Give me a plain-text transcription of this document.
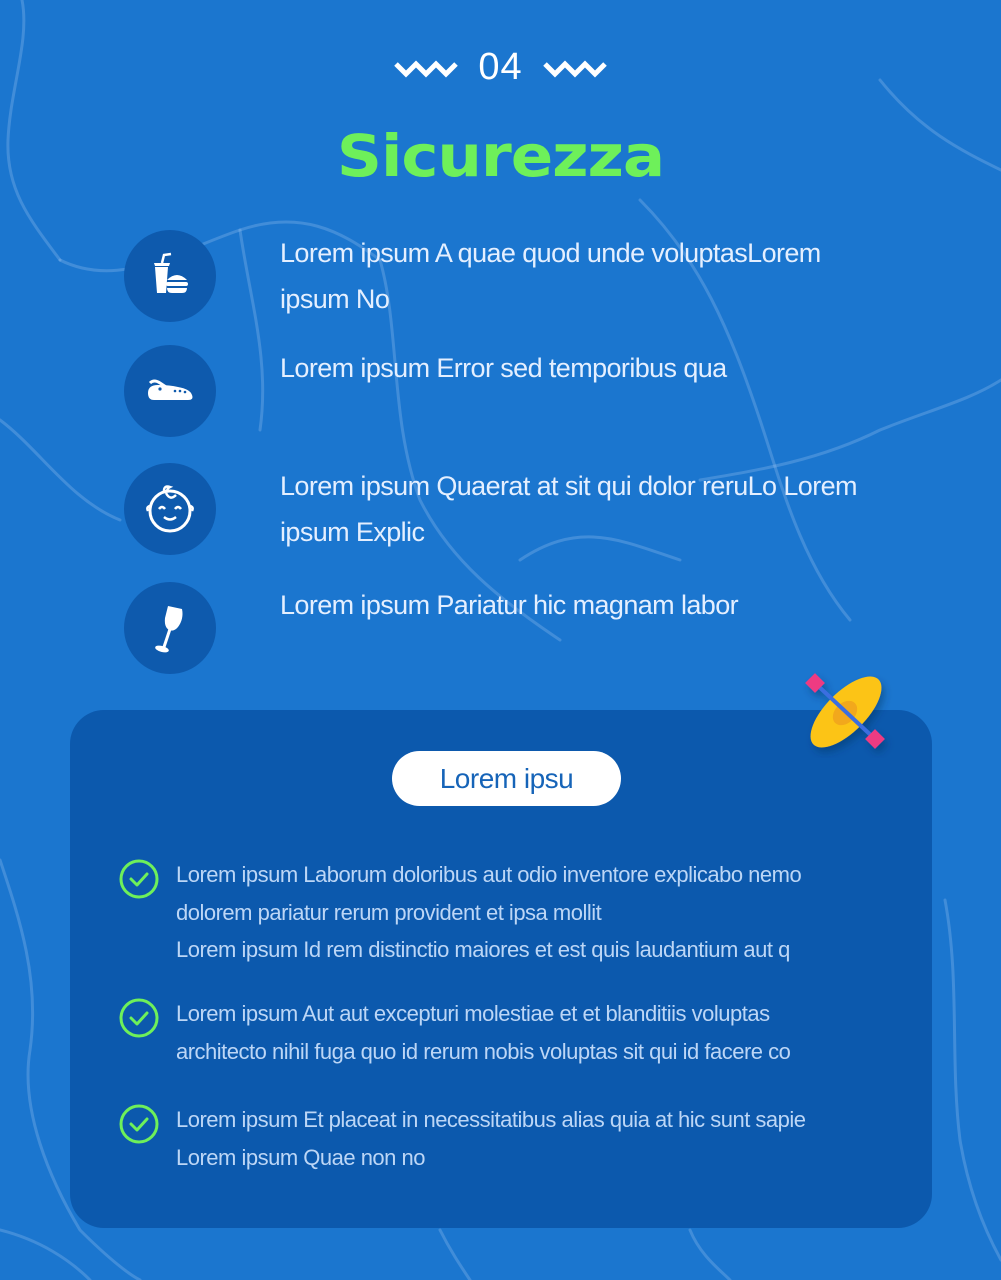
04
Sicurezza
Lorem ipsum A quae quod unde voluptasLorem ipsum No
Lorem ipsum Error sed temporibus qua
Lorem ipsum Quaerat at sit qui dolor reruLo Lorem ipsum Explic
Lorem ipsum Pariatur hic magnam labor
Lorem ipsu
Lorem ipsum Laborum doloribus aut odio inventore explicabo nemo
dolorem pariatur rerum provident et ipsa mollit
Lorem ipsum Id rem distinctio maiores et est quis laudantium aut q
Lorem ipsum Aut aut excepturi molestiae et et blanditiis voluptas
architecto nihil fuga quo id rerum nobis voluptas sit qui id facere co
Lorem ipsum Et placeat in necessitatibus alias quia at hic sunt sapie
Lorem ipsum Quae non no
